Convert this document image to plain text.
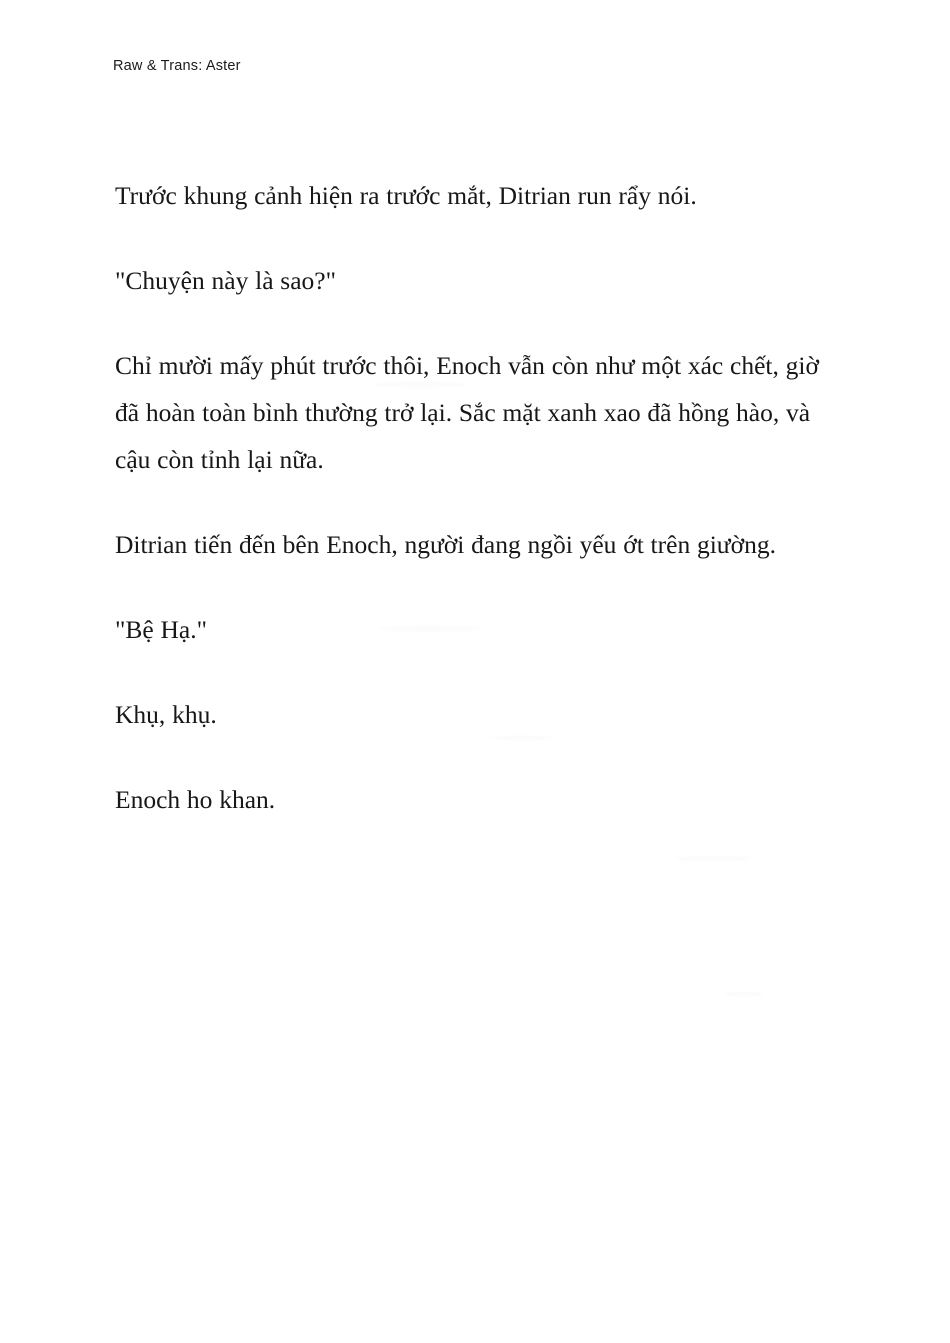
Raw & Trans: Aster

Trước khung cảnh hiện ra trước mắt, Ditrian run rẩy nói.

"Chuyện này là sao?"

Chỉ mười mấy phút trước thôi, Enoch vẫn còn như một xác chết, giờ đã hoàn toàn bình thường trở lại. Sắc mặt xanh xao đã hồng hào, và cậu còn tỉnh lại nữa.

Ditrian tiến đến bên Enoch, người đang ngồi yếu ớt trên giường.

"Bệ Hạ."

Khụ, khụ.

Enoch ho khan.
